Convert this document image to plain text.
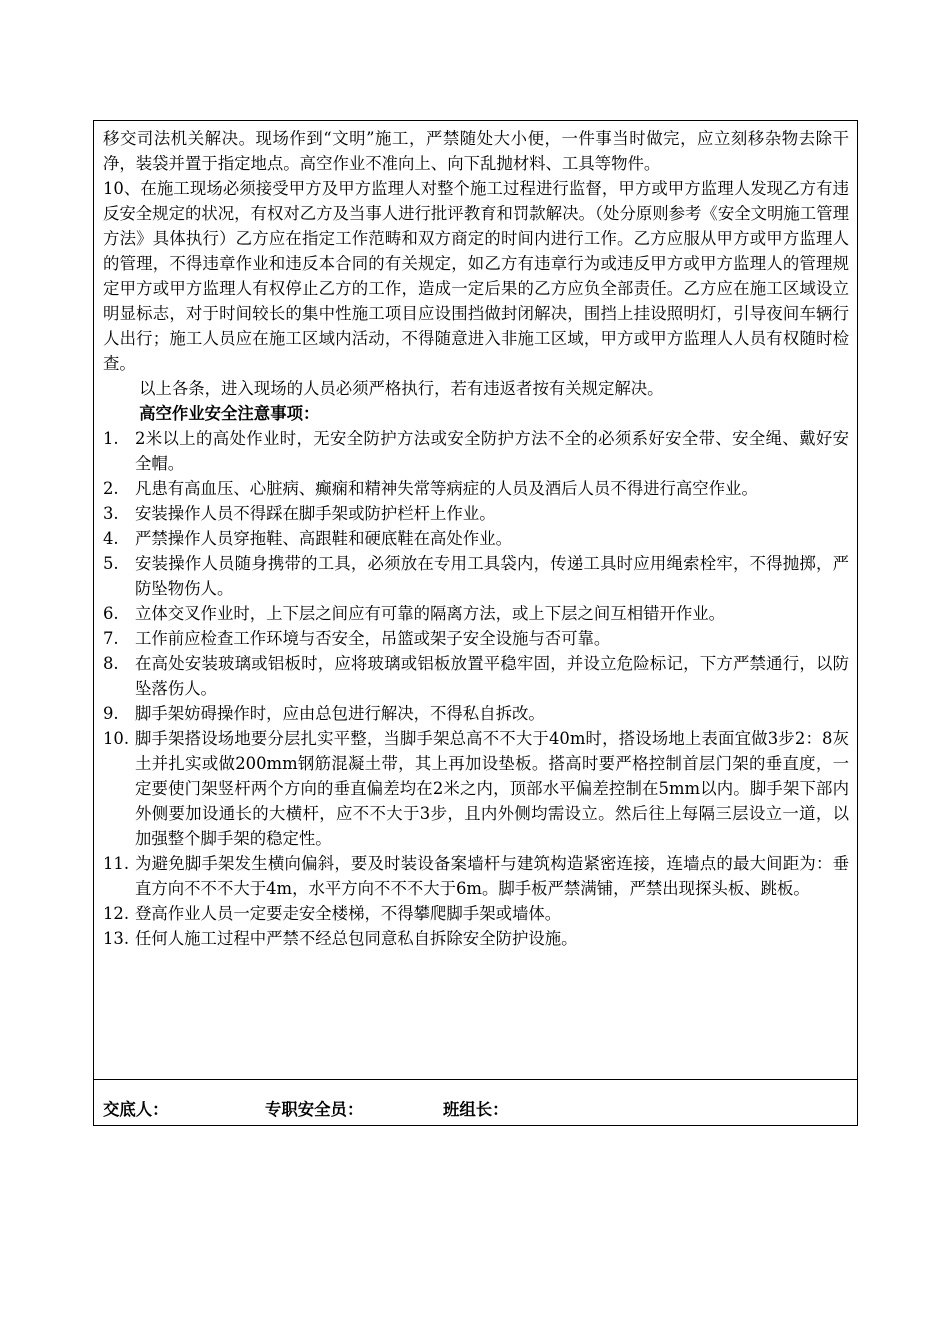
移交司法机关解决。现场作到“文明”施工，严禁随处大小便，一件事当时做完，应立刻移杂物去除干净，装袋并置于指定地点。高空作业不准向上、向下乱抛材料、工具等物件。

10、在施工现场必须接受甲方及甲方监理人对整个施工过程进行监督，甲方或甲方监理人发现乙方有违反安全规定的状况，有权对乙方及当事人进行批评教育和罚款解决。（处分原则参考《安全文明施工管理方法》具体执行）乙方应在指定工作范畴和双方商定的时间内进行工作。乙方应服从甲方或甲方监理人的管理，不得违章作业和违反本合同的有关规定，如乙方有违章行为或违反甲方或甲方监理人的管理规定甲方或甲方监理人有权停止乙方的工作，造成一定后果的乙方应负全部责任。乙方应在施工区域设立明显标志，对于时间较长的集中性施工项目应设围挡做封闭解决，围挡上挂设照明灯，引导夜间车辆行人出行；施工人员应在施工区域内活动，不得随意进入非施工区域，甲方或甲方监理人人员有权随时检查。

以上各条，进入现场的人员必须严格执行，若有违返者按有关规定解决。

高空作业安全注意事项：

1. 2米以上的高处作业时，无安全防护方法或安全防护方法不全的必须系好安全带、安全绳、戴好安全帽。
2. 凡患有高血压、心脏病、癫痫和精神失常等病症的人员及酒后人员不得进行高空作业。
3. 安装操作人员不得踩在脚手架或防护栏杆上作业。
4. 严禁操作人员穿拖鞋、高跟鞋和硬底鞋在高处作业。
5. 安装操作人员随身携带的工具，必须放在专用工具袋内，传递工具时应用绳索栓牢，不得抛掷，严防坠物伤人。
6. 立体交叉作业时，上下层之间应有可靠的隔离方法，或上下层之间互相错开作业。
7. 工作前应检查工作环境与否安全，吊篮或架子安全设施与否可靠。
8. 在高处安装玻璃或铝板时，应将玻璃或铝板放置平稳牢固，并设立危险标记，下方严禁通行，以防坠落伤人。
9. 脚手架妨碍操作时，应由总包进行解决，不得私自拆改。
10. 脚手架搭设场地要分层扎实平整，当脚手架总高不不大于40m时，搭设场地上表面宜做3步2：8灰土并扎实或做200mm钢筋混凝土带，其上再加设垫板。搭高时要严格控制首层门架的垂直度，一定要使门架竖杆两个方向的垂直偏差均在2米之内，顶部水平偏差控制在5mm以内。脚手架下部内外侧要加设通长的大横杆，应不不大于3步，且内外侧均需设立。然后往上每隔三层设立一道，以加强整个脚手架的稳定性。
11. 为避免脚手架发生横向偏斜，要及时装设备案墙杆与建筑构造紧密连接，连墙点的最大间距为：垂直方向不不不大于4m，水平方向不不不大于6m。脚手板严禁满铺，严禁出现探头板、跳板。
12. 登高作业人员一定要走安全楼梯，不得攀爬脚手架或墙体。
13. 任何人施工过程中严禁不经总包同意私自拆除安全防护设施。
交底人：	专职安全员：	班组长：
